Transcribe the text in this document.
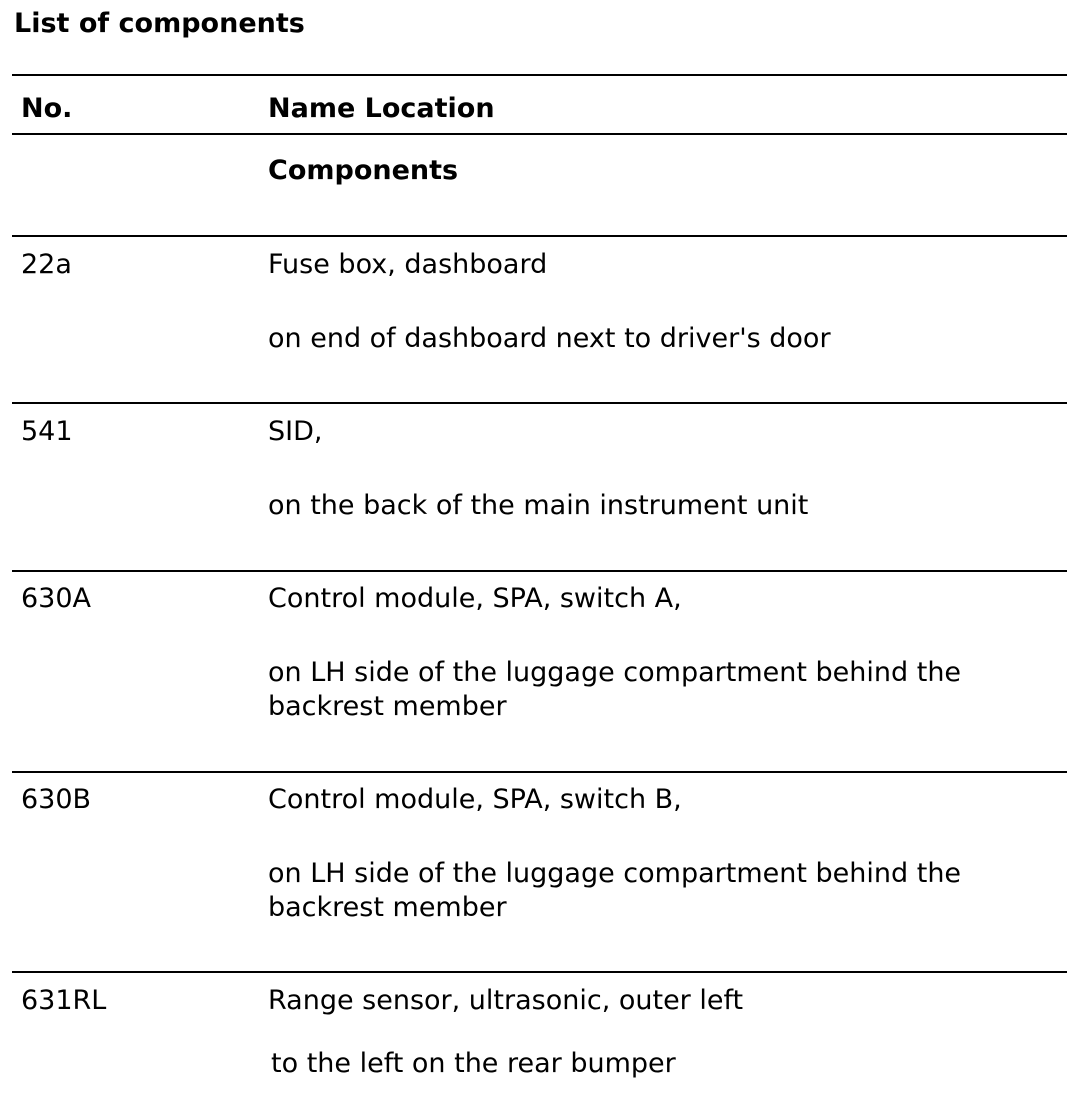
List of components
No.	Name Location
Components
22a	Fuse box, dashboard
on end of dashboard next to driver's door
541	SID,
on the back of the main instrument unit
630A	Control module, SPA, switch A,
on LH side of the luggage compartment behind the backrest member
630B	Control module, SPA, switch B,
on LH side of the luggage compartment behind the backrest member
631RL	Range sensor, ultrasonic, outer left
to the left on the rear bumper
